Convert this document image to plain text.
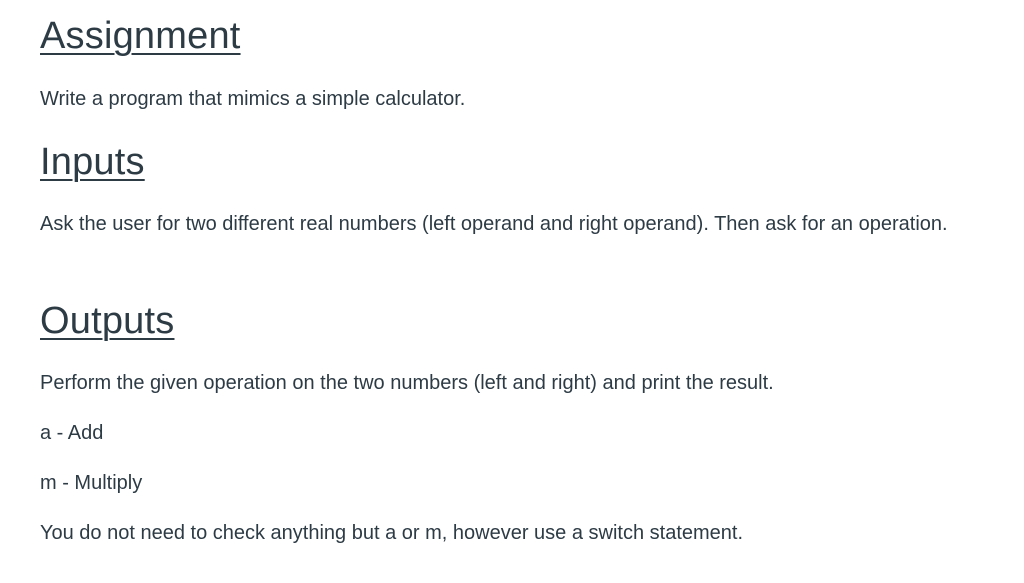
Assignment

Write a program that mimics a simple calculator.

Inputs

Ask the user for two different real numbers (left operand and right operand). Then ask for an operation.

Outputs

Perform the given operation on the two numbers (left and right) and print the result.

a - Add

m - Multiply

You do not need to check anything but a or m, however use a switch statement.
